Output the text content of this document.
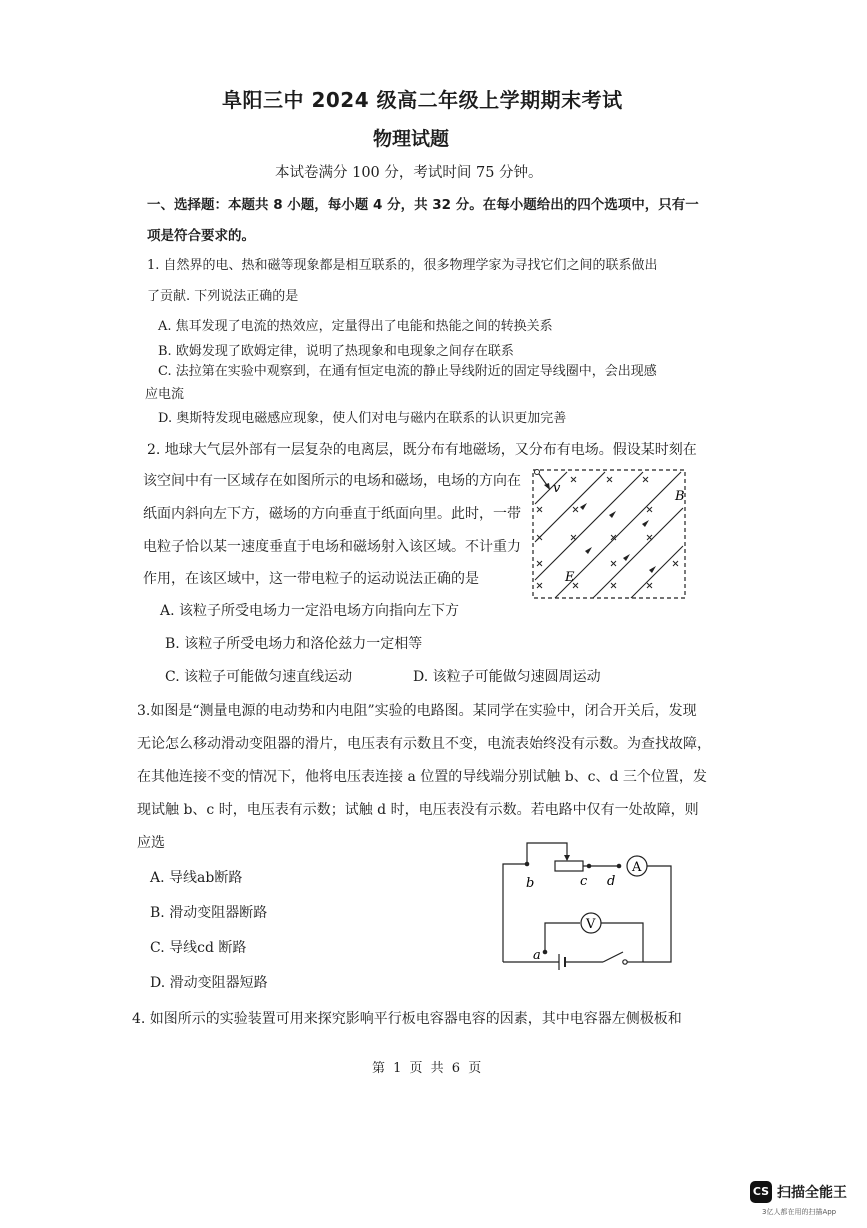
阜阳三中 2024 级高二年级上学期期末考试
物理试题
本试卷满分 100 分，考试时间 75 分钟。
一、选择题：本题共 8 小题，每小题 4 分，共 32 分。在每小题给出的四个选项中，只有一
项是符合要求的。
1. 自然界的电、热和磁等现象都是相互联系的，很多物理学家为寻找它们之间的联系做出
了贡献. 下列说法正确的是
A. 焦耳发现了电流的热效应，定量得出了电能和热能之间的转换关系
B. 欧姆发现了欧姆定律，说明了热现象和电现象之间存在联系
C. 法拉第在实验中观察到，在通有恒定电流的静止导线附近的固定导线圈中，会出现感
应电流
D. 奥斯特发现电磁感应现象，使人们对电与磁内在联系的认识更加完善
2. 地球大气层外部有一层复杂的电离层，既分布有地磁场，又分布有电场。假设某时刻在
该空间中有一区域存在如图所示的电场和磁场，电场的方向在
纸面内斜向左下方，磁场的方向垂直于纸面向里。此时，一带
电粒子恰以某一速度垂直于电场和磁场射入该区域。不计重力
作用，在该区域中，这一带电粒子的运动说法正确的是
A. 该粒子所受电场力一定沿电场方向指向左下方
B. 该粒子所受电场力和洛伦兹力一定相等
C. 该粒子可能做匀速直线运动	D. 该粒子可能做匀速圆周运动
v
B
E
3.如图是“测量电源的电动势和内电阻”实验的电路图。某同学在实验中，闭合开关后，发现
无论怎么移动滑动变阻器的滑片，电压表有示数且不变，电流表始终没有示数。为查找故障，
在其他连接不变的情况下，他将电压表连接 a 位置的导线端分别试触 b、c、d 三个位置，发
现试触 b、c 时，电压表有示数；试触 d 时，电压表没有示数。若电路中仅有一处故障，则
应选
A. 导线ab断路
B. 滑动变阻器断路
C. 导线cd 断路
D. 滑动变阻器短路
A
V
b	c d
a
4. 如图所示的实验装置可用来探究影响平行板电容器电容的因素，其中电容器左侧极板和
第 1 页 共 6 页
CS 扫描全能王
3亿人都在用的扫描App
